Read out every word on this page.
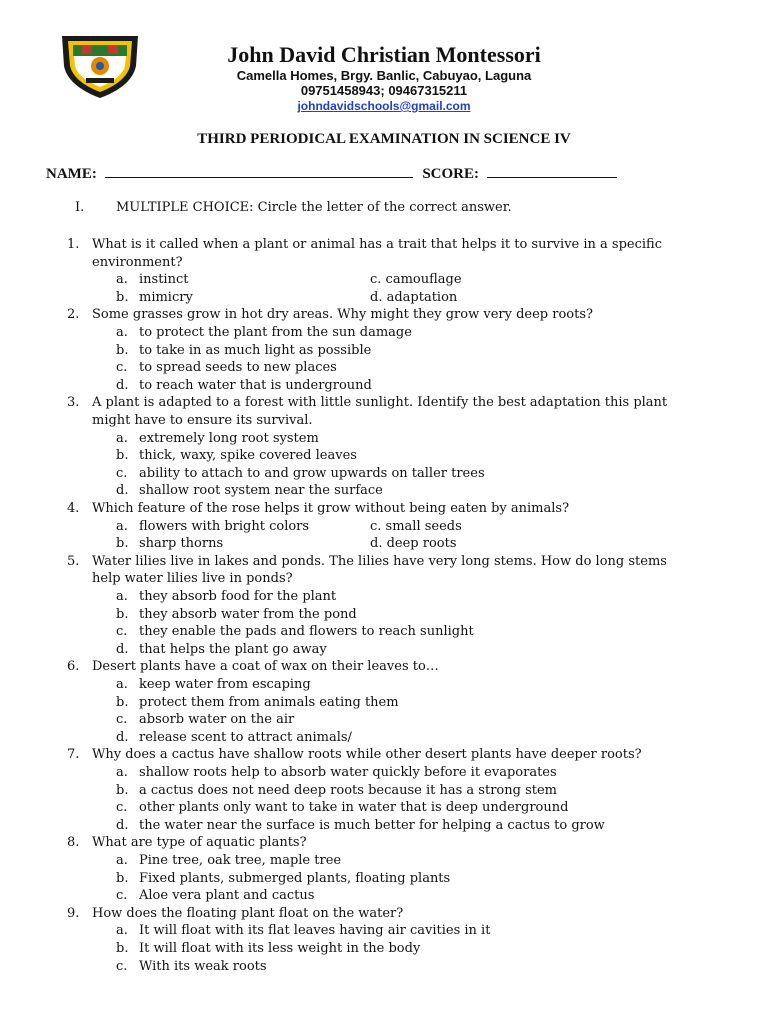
John David Christian Montessori
Camella Homes, Brgy. Banlic, Cabuyao, Laguna
09751458943; 09467315211
johndavidschools@gmail.com
THIRD PERIODICAL EXAMINATION IN SCIENCE IV
NAME:	SCORE:
I. MULTIPLE CHOICE: Circle the letter of the correct answer.
1. What is it called when a plant or animal has a trait that helps it to survive in a specific
environment?
a. instinct	c. camouflage
b. mimicry	d. adaptation
2. Some grasses grow in hot dry areas. Why might they grow very deep roots?
a. to protect the plant from the sun damage
b. to take in as much light as possible
c. to spread seeds to new places
d. to reach water that is underground
3. A plant is adapted to a forest with little sunlight. Identify the best adaptation this plant
might have to ensure its survival.
a. extremely long root system
b. thick, waxy, spike covered leaves
c. ability to attach to and grow upwards on taller trees
d. shallow root system near the surface
4. Which feature of the rose helps it grow without being eaten by animals?
a. flowers with bright colors	c. small seeds
b. sharp thorns	d. deep roots
5. Water lilies live in lakes and ponds. The lilies have very long stems. How do long stems
help water lilies live in ponds?
a. they absorb food for the plant
b. they absorb water from the pond
c. they enable the pads and flowers to reach sunlight
d. that helps the plant go away
6. Desert plants have a coat of wax on their leaves to…
a. keep water from escaping
b. protect them from animals eating them
c. absorb water on the air
d. release scent to attract animals/
7. Why does a cactus have shallow roots while other desert plants have deeper roots?
a. shallow roots help to absorb water quickly before it evaporates
b. a cactus does not need deep roots because it has a strong stem
c. other plants only want to take in water that is deep underground
d. the water near the surface is much better for helping a cactus to grow
8. What are type of aquatic plants?
a. Pine tree, oak tree, maple tree
b. Fixed plants, submerged plants, floating plants
c. Aloe vera plant and cactus
9. How does the floating plant float on the water?
a. It will float with its flat leaves having air cavities in it
b. It will float with its less weight in the body
c. With its weak roots
